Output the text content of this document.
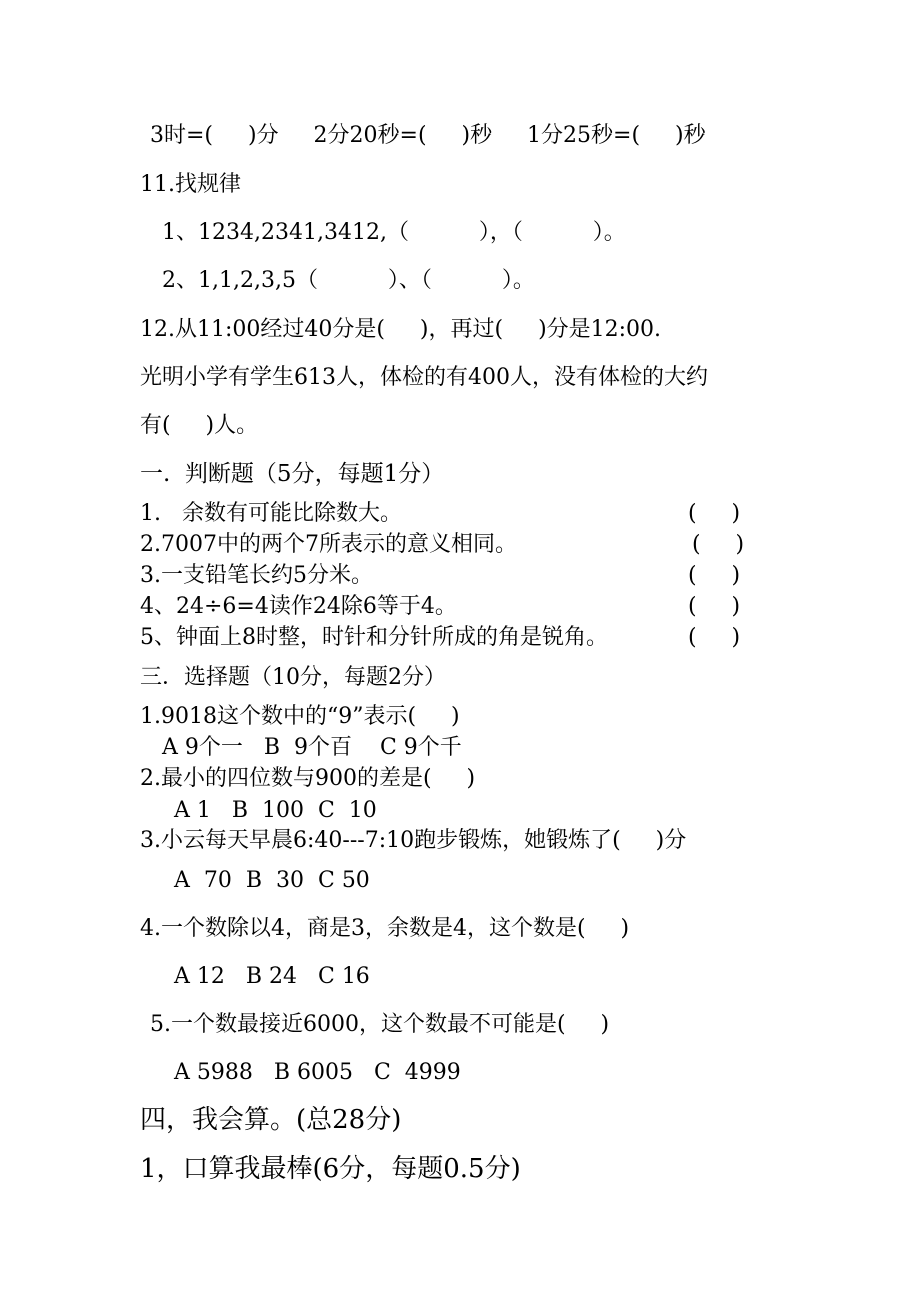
3时=(     )分     2分20秒=(     )秒     1分25秒=(     )秒
11.找规律
1、1234,2341,3412,（          ），（          ）。
2、1,1,2,3,5（          ）、（          ）。
12.从11:00经过40分是(     )，再过(     )分是12:00.
光明小学有学生613人，体检的有400人，没有体检的大约
有(     )人。
一.  判断题（5分，每题1分）
1.   余数有可能比除数大。	(     )
2.7007中的两个7所表示的意义相同。	(     )
3.一支铅笔长约5分米。	(     )
4、24÷6=4读作24除6等于4。	(     )
5、钟面上8时整，时针和分针所成的角是锐角。	(     )
三．选择题（10分，每题2分）
1.9018这个数中的“9”表示(     )
A 9个一   B  9个百    C 9个千
2.最小的四位数与900的差是(     )
A 1   B  100  C  10
3.小云每天早晨6:40---7:10跑步锻炼，她锻炼了(     )分
A  70  B  30  C 50
4.一个数除以4，商是3，余数是4，这个数是(     )
A 12   B 24   C 16
5.一个数最接近6000，这个数最不可能是(     )
A 5988   B 6005   C  4999
四，我会算。(总28分)
1，口算我最棒(6分，每题0.5分)
